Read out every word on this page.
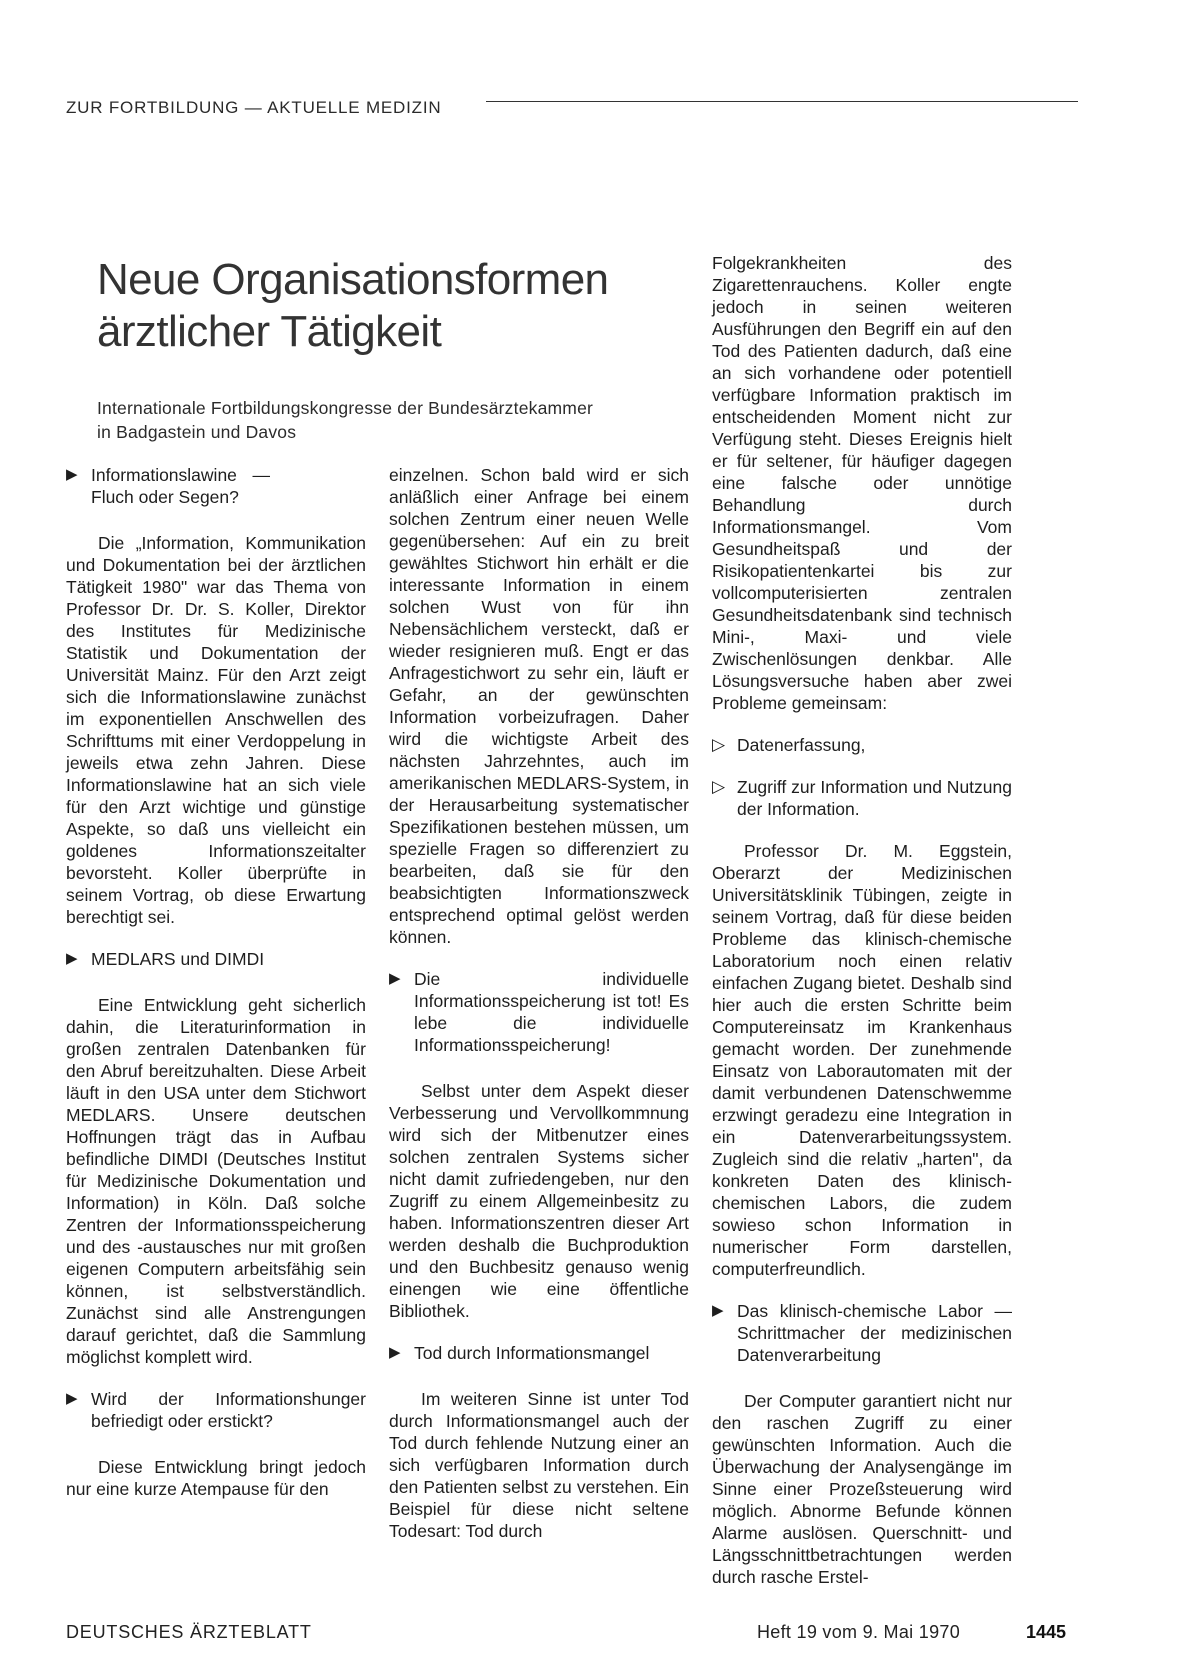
ZUR FORTBILDUNG — AKTUELLE MEDIZIN
Neue Organisationsformen
ärztlicher Tätigkeit
Internationale Fortbildungskongresse der Bundesärztekammer
in Badgastein und Davos
▶ Informationslawine — Fluch oder Segen?

Die „Information, Kommunikation und Dokumentation bei der ärztlichen Tätigkeit 1980" war das Thema von Professor Dr. Dr. S. Koller, Direktor des Institutes für Medizinische Statistik und Dokumentation der Universität Mainz. Für den Arzt zeigt sich die Informationslawine zunächst im exponentiellen Anschwellen des Schrifttums mit einer Verdoppelung in jeweils etwa zehn Jahren. Diese Informationslawine hat an sich viele für den Arzt wichtige und günstige Aspekte, so daß uns vielleicht ein goldenes Informationszeitalter bevorsteht. Koller überprüfte in seinem Vortrag, ob diese Erwartung berechtigt sei.

▶ MEDLARS und DIMDI

Eine Entwicklung geht sicherlich dahin, die Literaturinformation in großen zentralen Datenbanken für den Abruf bereitzuhalten. Diese Arbeit läuft in den USA unter dem Stichwort MEDLARS. Unsere deutschen Hoffnungen trägt das in Aufbau befindliche DIMDI (Deutsches Institut für Medizinische Dokumentation und Information) in Köln. Daß solche Zentren der Informationsspeicherung und des -austausches nur mit großen eigenen Computern arbeitsfähig sein können, ist selbstverständlich. Zunächst sind alle Anstrengungen darauf gerichtet, daß die Sammlung möglichst komplett wird.

▶ Wird der Informationshunger befriedigt oder erstickt?

Diese Entwicklung bringt jedoch nur eine kurze Atempause für den

einzelnen. Schon bald wird er sich anläßlich einer Anfrage bei einem solchen Zentrum einer neuen Welle gegenübersehen: Auf ein zu breit gewähltes Stichwort hin erhält er die interessante Information in einem solchen Wust von für ihn Nebensächlichem versteckt, daß er wieder resignieren muß. Engt er das Anfragestichwort zu sehr ein, läuft er Gefahr, an der gewünschten Information vorbeizufragen. Daher wird die wichtigste Arbeit des nächsten Jahrzehntes, auch im amerikanischen MEDLARS-System, in der Herausarbeitung systematischer Spezifikationen bestehen müssen, um spezielle Fragen so differenziert zu bearbeiten, daß sie für den beabsichtigten Informationszweck entsprechend optimal gelöst werden können.

▶ Die individuelle Informationsspeicherung ist tot! Es lebe die individuelle Informationsspeicherung!

Selbst unter dem Aspekt dieser Verbesserung und Vervollkommnung wird sich der Mitbenutzer eines solchen zentralen Systems sicher nicht damit zufriedengeben, nur den Zugriff zu einem Allgemeinbesitz zu haben. Informationszentren dieser Art werden deshalb die Buchproduktion und den Buchbesitz genauso wenig einengen wie eine öffentliche Bibliothek.

▶ Tod durch Informationsmangel

Im weiteren Sinne ist unter Tod durch Informationsmangel auch der Tod durch fehlende Nutzung einer an sich verfügbaren Information durch den Patienten selbst zu verstehen. Ein Beispiel für diese nicht seltene Todesart: Tod durch

Folgekrankheiten des Zigarettenrauchens. Koller engte jedoch in seinen weiteren Ausführungen den Begriff ein auf den Tod des Patienten dadurch, daß eine an sich vorhandene oder potentiell verfügbare Information praktisch im entscheidenden Moment nicht zur Verfügung steht. Dieses Ereignis hielt er für seltener, für häufiger dagegen eine falsche oder unnötige Behandlung durch Informationsmangel. Vom Gesundheitspaß und der Risikopatientenkartei bis zur vollcomputerisierten zentralen Gesundheitsdatenbank sind technisch Mini-, Maxi- und viele Zwischenlösungen denkbar. Alle Lösungsversuche haben aber zwei Probleme gemeinsam:

▷ Datenerfassung,
▷ Zugriff zur Information und Nutzung der Information.

Professor Dr. M. Eggstein, Oberarzt der Medizinischen Universitätsklinik Tübingen, zeigte in seinem Vortrag, daß für diese beiden Probleme das klinisch-chemische Laboratorium noch einen relativ einfachen Zugang bietet. Deshalb sind hier auch die ersten Schritte beim Computereinsatz im Krankenhaus gemacht worden. Der zunehmende Einsatz von Laborautomaten mit der damit verbundenen Datenschwemme erzwingt geradezu eine Integration in ein Datenverarbeitungssystem. Zugleich sind die relativ „harten", da konkreten Daten des klinisch-chemischen Labors, die zudem sowieso schon Information in numerischer Form darstellen, computerfreundlich.

▶ Das klinisch-chemische Labor — Schrittmacher der medizinischen Datenverarbeitung

Der Computer garantiert nicht nur den raschen Zugriff zu einer gewünschten Information. Auch die Überwachung der Analysengänge im Sinne einer Prozeßsteuerung wird möglich. Abnorme Befunde können Alarme auslösen. Querschnitt- und Längsschnittbetrachtungen werden durch rasche Erstel-

DEUTSCHES ÄRZTEBLATT	Heft 19 vom 9. Mai 1970	1445
